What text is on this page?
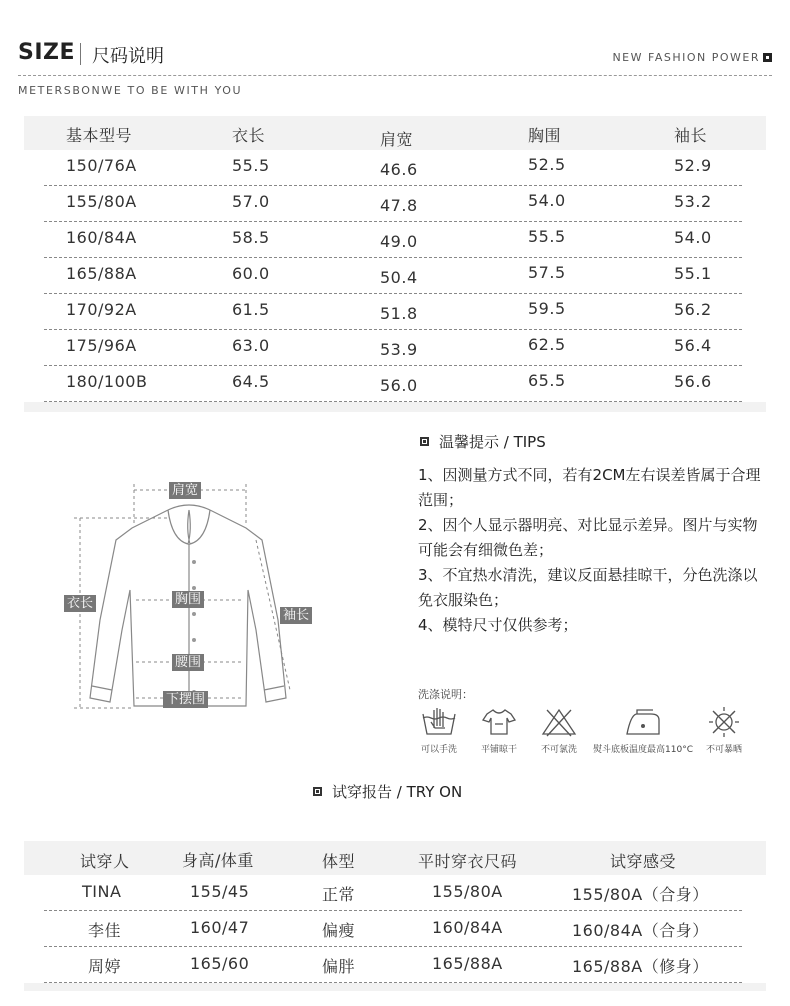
SIZE 尺码说明	NEW FASHION POWER
METERSBONWE TO BE WITH YOU
基本型号	衣长	肩宽	胸围	袖长
150/76A	55.5	46.6	52.5	52.9
155/80A	57.0	47.8	54.0	53.2
160/84A	58.5	49.0	55.5	54.0
165/88A	60.0	50.4	57.5	55.1
170/92A	61.5	51.8	59.5	56.2
175/96A	63.0	53.9	62.5	56.4
180/100B	64.5	56.0	65.5	56.6
肩宽
衣长	胸围
袖长
腰围
下摆围
温馨提示 / TIPS

1、因测量方式不同，若有2CM左右误差皆属于合理范围；

2、因个人显示器明亮、对比显示差异。图片与实物可能会有细微色差；

3、不宜热水清洗，建议反面悬挂晾干，分色洗涤以免衣服染色；

4、模特尺寸仅供参考；

洗涤说明：
可以手洗	平铺晾干	不可氯洗	熨斗底板温度最高110°C	不可暴晒
试穿报告 / TRY ON
试穿人	身高/体重	体型	平时穿衣尺码	试穿感受
TINA	155/45	正常	155/80A	155/80A（合身）
李佳	160/47	偏瘦	160/84A	160/84A（合身）
周婷	165/60	偏胖	165/88A	165/88A（修身）
